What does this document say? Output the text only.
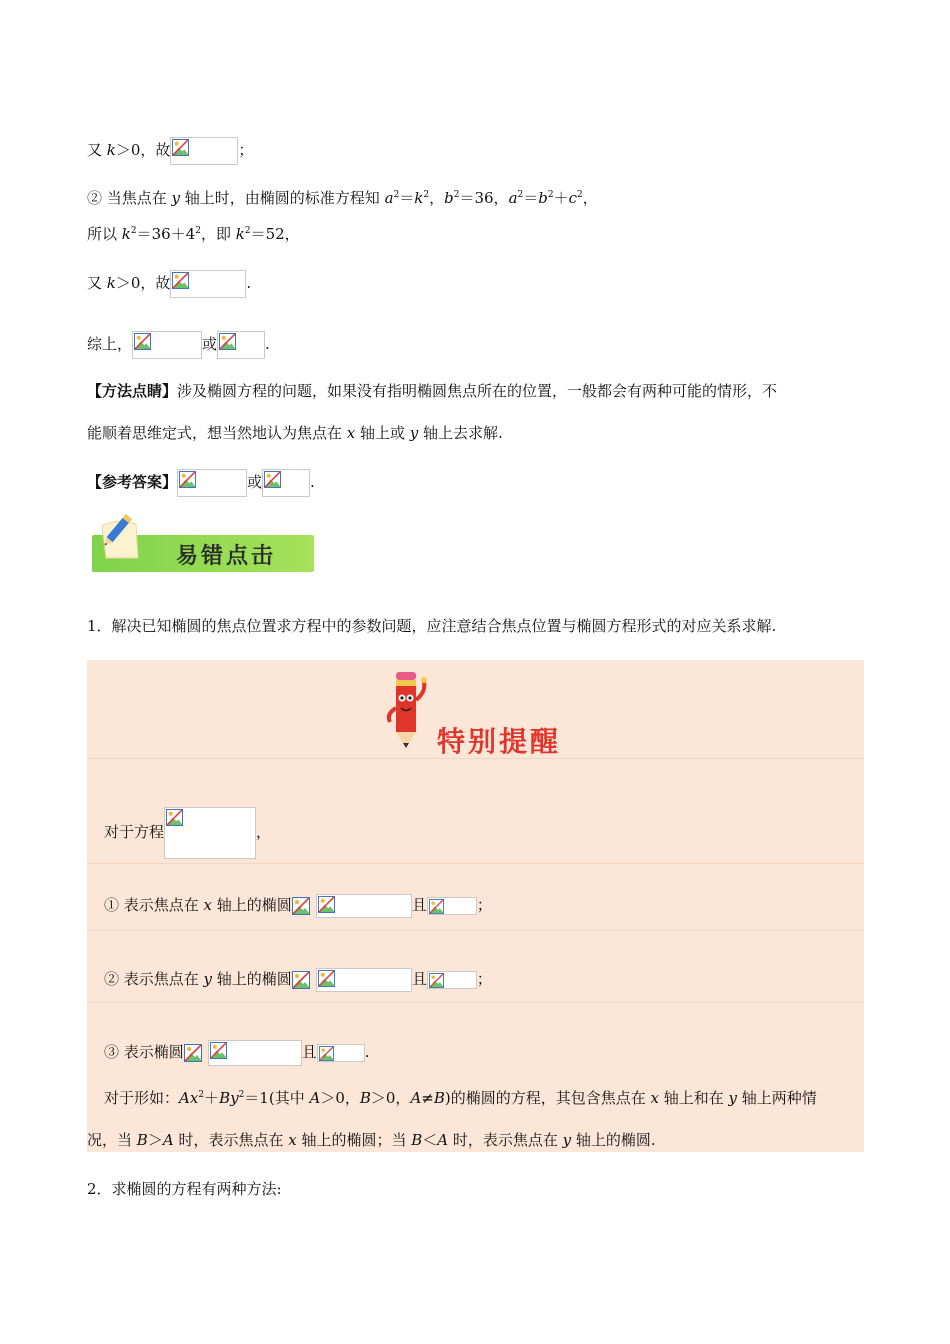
又 k＞0，故	；
② 当焦点在 y 轴上时，由椭圆的标准方程知 $a^2=k^2$，$b^2=36$，$a^2=b^2+c^2$，
所以 $k^2=36+4^2$，即 $k^2=52$，
又 k＞0，故	.
综上，	或	.
【方法点睛】涉及椭圆方程的问题，如果没有指明椭圆焦点所在的位置，一般都会有两种可能的情形，不
能顺着思维定式，想当然地认为焦点在 x 轴上或 y 轴上去求解.
【参考答案】	或	.
易错点击
1．解决已知椭圆的焦点位置求方程中的参数问题，应注意结合焦点位置与椭圆方程形式的对应关系求解.
特别提醒
对于方程	，
① 表示焦点在 x 轴上的椭圆	且	；
② 表示焦点在 y 轴上的椭圆	且	；
③ 表示椭圆	且	.
对于形如：$Ax^2+By^2=1$(其中 A＞0，B＞0，A≠B)的椭圆的方程，其包含焦点在 x 轴上和在 y 轴上两种情
况，当 B＞A 时，表示焦点在 x 轴上的椭圆；当 B＜A 时，表示焦点在 y 轴上的椭圆.
2．求椭圆的方程有两种方法:
